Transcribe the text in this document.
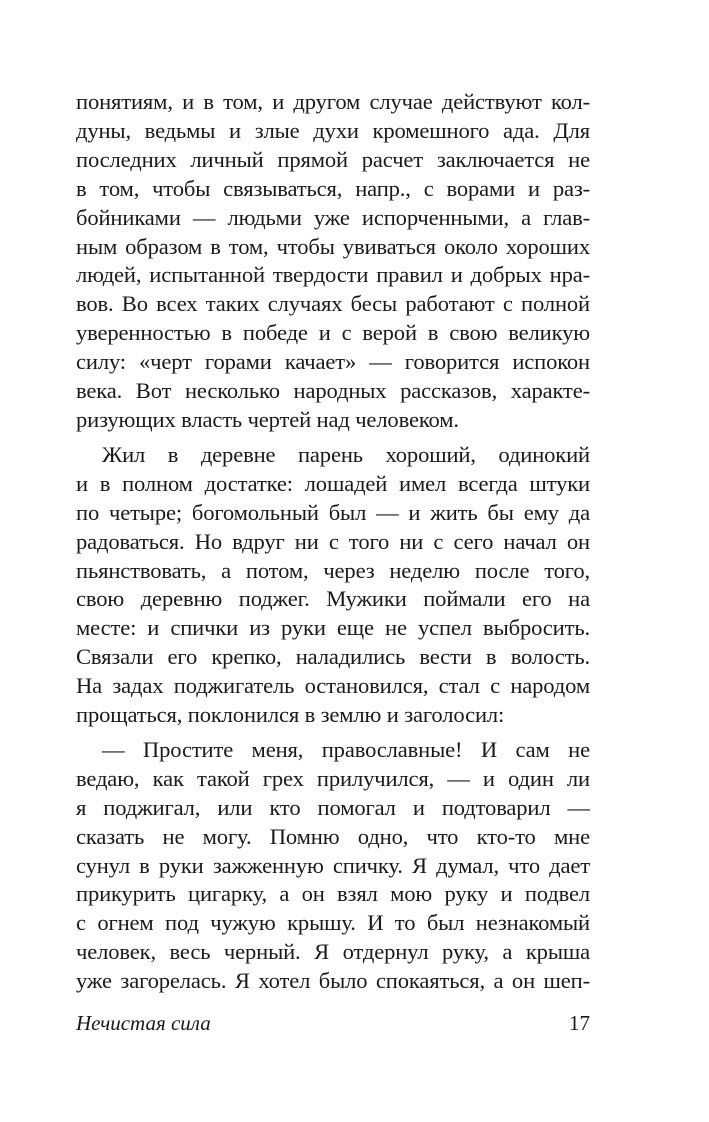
понятиям, и в том, и другом случае действуют кол-
дуны, ведьмы и злые духи кромешного ада. Для
последних личный прямой расчет заключается не
в том, чтобы связываться, напр., с ворами и раз-
бойниками — людьми уже испорченными, а глав-
ным образом в том, чтобы увиваться около хороших
людей, испытанной твердости правил и добрых нра-
вов. Во всех таких случаях бесы работают с полной
уверенностью в победе и с верой в свою великую
силу: «черт горами качает» — говорится испокон
века. Вот несколько народных рассказов, характе-
ризующих власть чертей над человеком.
Жил в деревне парень хороший, одинокий
и в полном достатке: лошадей имел всегда штуки
по четыре; богомольный был — и жить бы ему да
радоваться. Но вдруг ни с того ни с сего начал он
пьянствовать, а потом, через неделю после того,
свою деревню поджег. Мужики поймали его на
месте: и спички из руки еще не успел выбросить.
Связали его крепко, наладились вести в волость.
На задах поджигатель остановился, стал с народом
прощаться, поклонился в землю и заголосил:
— Простите меня, православные! И сам не
ведаю, как такой грех прилучился, — и один ли
я поджигал, или кто помогал и подтоварил —
сказать не могу. Помню одно, что кто-то мне
сунул в руки зажженную спичку. Я думал, что дает
прикурить цигарку, а он взял мою руку и подвел
с огнем под чужую крышу. И то был незнакомый
человек, весь черный. Я отдернул руку, а крыша
уже загорелась. Я хотел было спокаяться, а он шеп-
Нечистая сила	17
